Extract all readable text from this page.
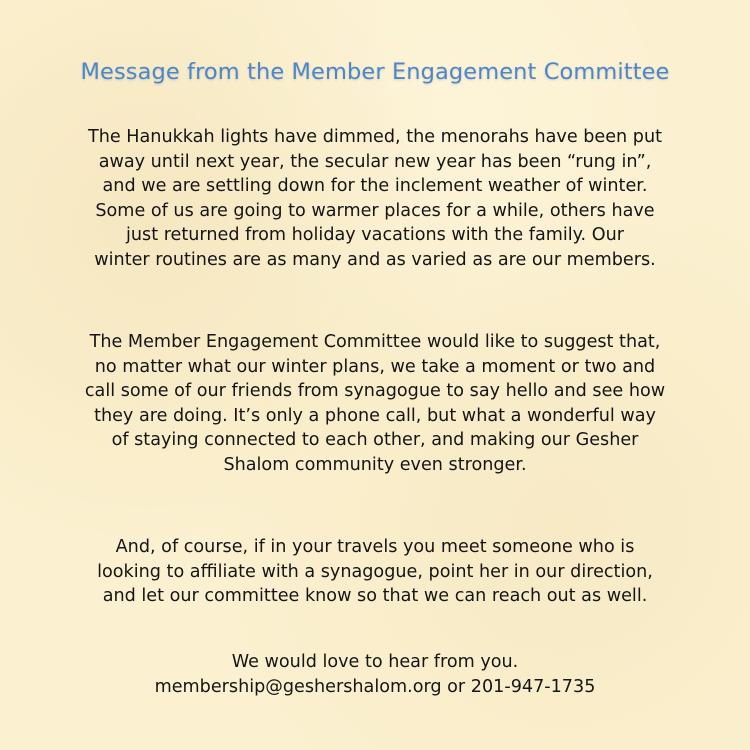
Message from the Member Engagement Committee
The Hanukkah lights have dimmed, the menorahs have been put
away until next year, the secular new year has been “rung in”,
and we are settling down for the inclement weather of winter.
Some of us are going to warmer places for a while, others have
just returned from holiday vacations with the family. Our
winter routines are as many and as varied as are our members.
The Member Engagement Committee would like to suggest that,
no matter what our winter plans, we take a moment or two and
call some of our friends from synagogue to say hello and see how
they are doing. It’s only a phone call, but what a wonderful way
of staying connected to each other, and making our Gesher
Shalom community even stronger.
And, of course, if in your travels you meet someone who is
looking to affiliate with a synagogue, point her in our direction,
and let our committee know so that we can reach out as well.
We would love to hear from you.
membership@geshershalom.org or 201-947-1735
